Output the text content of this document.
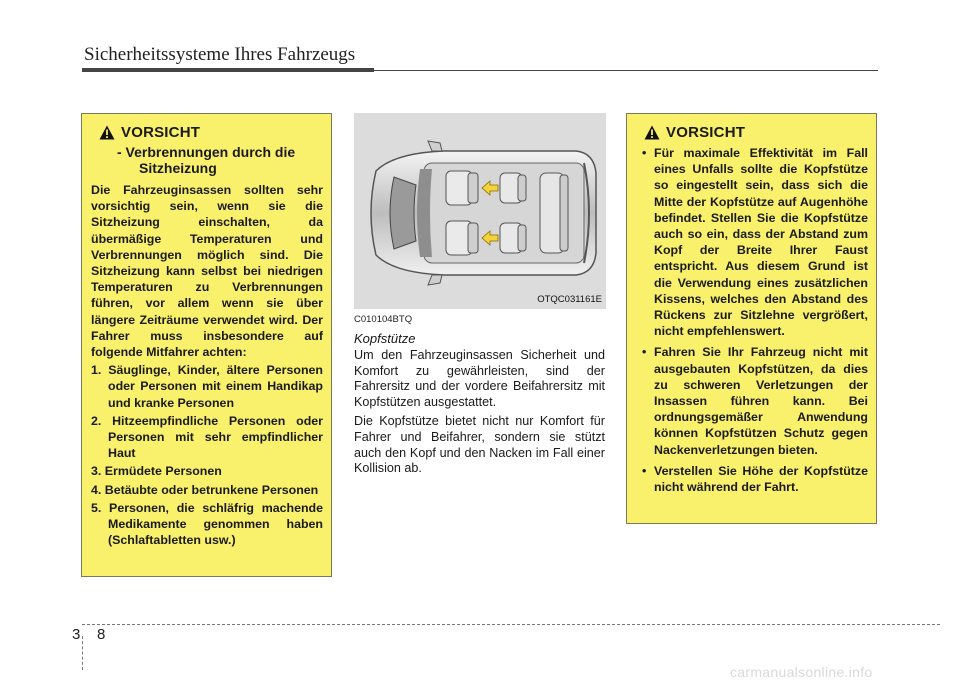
Sicherheitssysteme Ihres Fahrzeugs
VORSICHT
- Verbrennungen durch die
Sitzheizung
Die Fahrzeuginsassen sollten sehr vorsichtig sein, wenn sie die Sitzheizung einschalten, da übermäßige Temperaturen und Verbrennungen möglich sind. Die Sitzheizung kann selbst bei niedrigen Temperaturen zu Verbrennungen führen, vor allem wenn sie über längere Zeiträume verwendet wird. Der Fahrer muss insbesondere auf folgende Mitfahrer achten:
1. Säuglinge, Kinder, ältere Personen oder Personen mit einem Handikap und kranke Personen
2. Hitzeempfindliche Personen oder Personen mit sehr empfindlicher Haut
3. Ermüdete Personen
4. Betäubte oder betrunkene Personen
5. Personen, die schläfrig machende Medikamente genommen haben (Schlaftabletten usw.)
OTQC031161E
C010104BTQ
Kopfstütze

Um den Fahrzeuginsassen Sicherheit und Komfort zu gewährleisten, sind der Fahrersitz und der vordere Beifahrersitz mit Kopfstützen ausgestattet.

Die Kopfstütze bietet nicht nur Komfort für Fahrer und Beifahrer, sondern sie stützt auch den Kopf und den Nacken im Fall einer Kollision ab.

VORSICHT
• Für maximale Effektivität im Fall eines Unfalls sollte die Kopfstütze so eingestellt sein, dass sich die Mitte der Kopfstütze auf Augenhöhe befindet. Stellen Sie die Kopfstütze auch so ein, dass der Abstand zum Kopf der Breite Ihrer Faust entspricht. Aus diesem Grund ist die Verwendung eines zusätzlichen Kissens, welches den Abstand des Rückens zur Sitzlehne vergrößert, nicht empfehlenswert.
• Fahren Sie Ihr Fahrzeug nicht mit ausgebauten Kopfstützen, da dies zu schweren Verletzungen der Insassen führen kann. Bei ordnungsgemäßer Anwendung können Kopfstützen Schutz gegen Nackenverletzungen bieten.
• Verstellen Sie Höhe der Kopfstütze nicht während der Fahrt.
3 8
carmanualsonline.info
